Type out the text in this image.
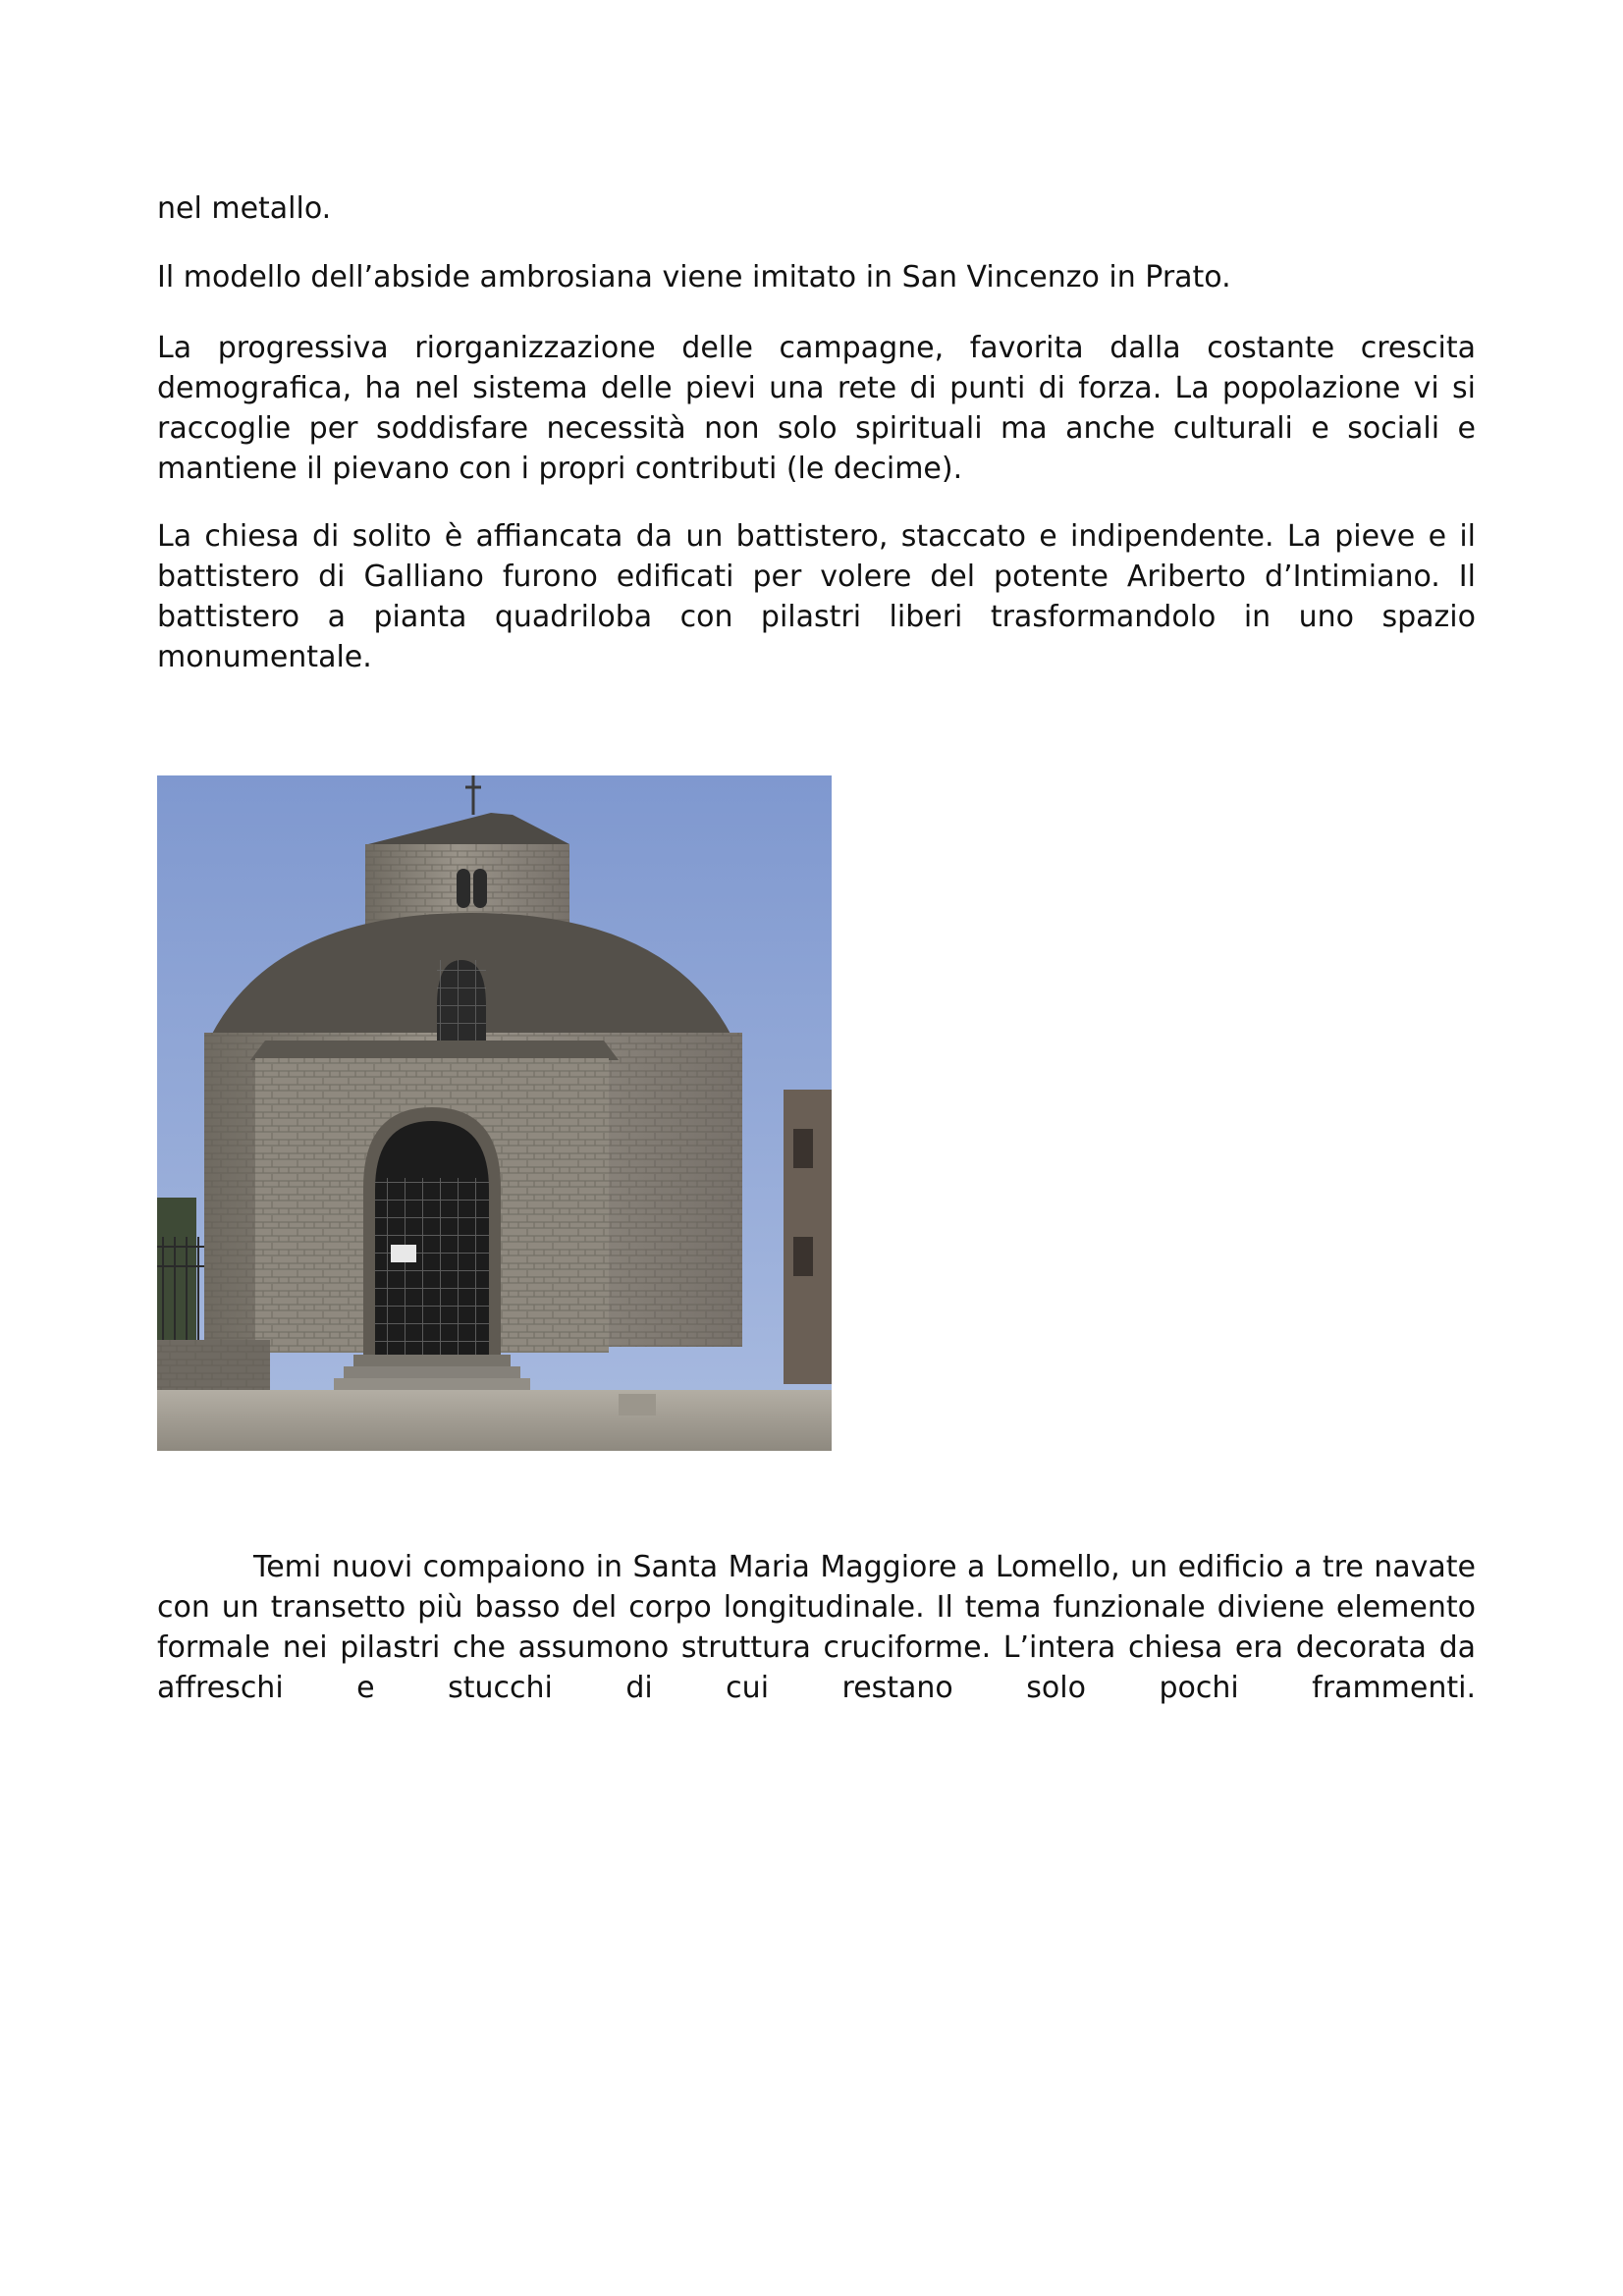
nel metallo.

Il modello dell’abside ambrosiana viene imitato in San Vincenzo in Prato.

La progressiva riorganizzazione delle campagne, favorita dalla costante crescita demografica, ha nel sistema delle pievi una rete di punti di forza. La popolazione vi si raccoglie per soddisfare necessità non solo spirituali ma anche culturali e sociali e mantiene il pievano con i propri contributi (le decime).

La chiesa di solito è affiancata da un battistero, staccato e indipendente. La pieve e il battistero di Galliano furono edificati per volere del potente Ariberto d’Intimiano. Il battistero a pianta quadriloba con pilastri liberi trasformandolo in uno spazio monumentale.

Temi nuovi compaiono in Santa Maria Maggiore a Lomello, un edificio a tre navate con un transetto più basso del corpo longitudinale. Il tema funzionale diviene elemento formale nei pilastri che assumono struttura cruciforme. L’intera chiesa era decorata da affreschi e stucchi di cui restano solo pochi frammenti.
